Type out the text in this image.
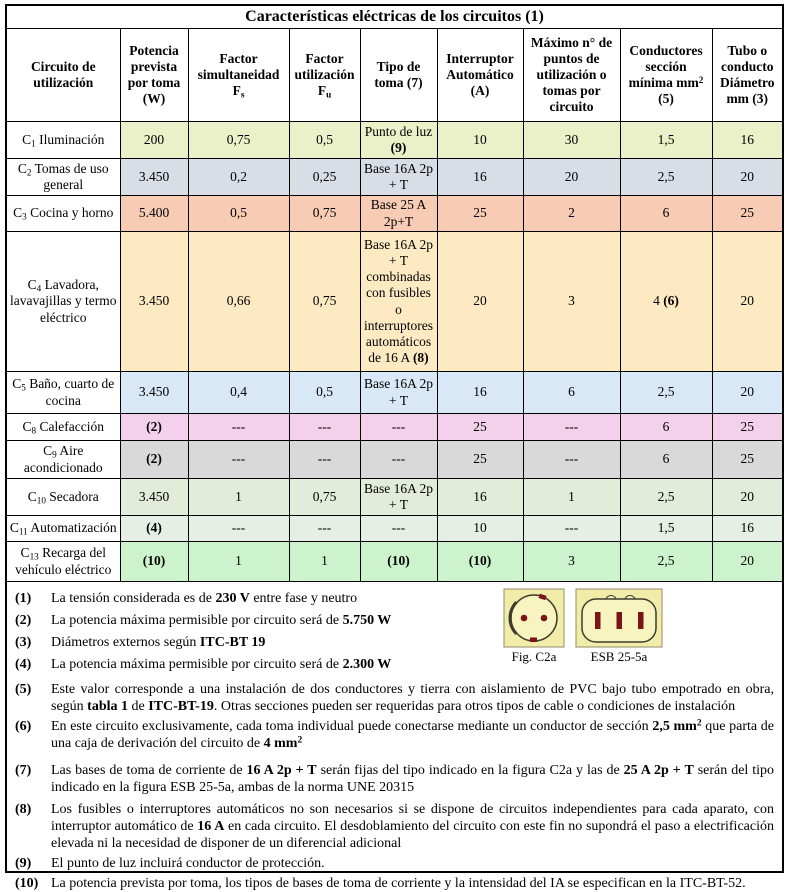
Características eléctricas de los circuitos (1)
Circuito de utilización	Potencia prevista por toma (W)	Factor simultaneidad $F_s$	Factor utilización $F_u$	Tipo de toma (7)	Interruptor Automático (A)	Máximo n° de puntos de utilización o tomas por circuito	Conductores sección mínima $mm^2$ (5)	Tubo o conducto Diámetro mm (3)
$C_1$ Iluminación	200	0,75	0,5	Punto de luz (9)	10	30	1,5	16
$C_2$ Tomas de uso general	3.450	0,2	0,25	Base 16A 2p + T	16	20	2,5	20
$C_3$ Cocina y horno	5.400	0,5	0,75	Base 25 A 2p+T	25	2	6	25
$C_4$ Lavadora, lavavajillas y termo eléctrico	3.450	0,66	0,75	Base 16A 2p + T combinadas con fusibles o interruptores automáticos de 16 A (8)	20	3	4 (6)	20
$C_5$ Baño, cuarto de cocina	3.450	0,4	0,5	Base 16A 2p + T	16	6	2,5	20
$C_8$ Calefacción	(2)	---	---	---	25	---	6	25
$C_9$ Aire acondicionado	(2)	---	---	---	25	---	6	25
$C_{10}$ Secadora	3.450	1	0,75	Base 16A 2p + T	16	1	2,5	20
$C_{11}$ Automatización	(4)	---	---	---	10	---	1,5	16
$C_{13}$ Recarga del vehículo eléctrico	(10)	1	1	(10)	(10)	3	2,5	20
(1)	La tensión considerada es de 230 V entre fase y neutro
(2)	La potencia máxima permisible por circuito será de 5.750 W
(3)	Diámetros externos según ITC-BT 19
(4)	La potencia máxima permisible por circuito será de 2.300 W
Fig. C2a	ESB 25-5a
(5)	Este valor corresponde a una instalación de dos conductores y tierra con aislamiento de PVC bajo tubo empotrado en obra, según tabla 1 de ITC-BT-19. Otras secciones pueden ser requeridas para otros tipos de cable o condiciones de instalación
(6)	En este circuito exclusivamente, cada toma individual puede conectarse mediante un conductor de sección 2,5 $mm^2$ que parta de una caja de derivación del circuito de 4 $mm^2$
(7)	Las bases de toma de corriente de 16 A 2p + T serán fijas del tipo indicado en la figura C2a y las de 25 A 2p + T serán del tipo indicado en la figura ESB 25-5a, ambas de la norma UNE 20315
(8)	Los fusibles o interruptores automáticos no son necesarios si se dispone de circuitos independientes para cada aparato, con interruptor automático de 16 A en cada circuito. El desdoblamiento del circuito con este fin no supondrá el paso a electrificación elevada ni la necesidad de disponer de un diferencial adicional
(9)	El punto de luz incluirá conductor de protección.
(10) La potencia prevista por toma, los tipos de bases de toma de corriente y la intensidad del IA se especifican en la ITC-BT-52.
